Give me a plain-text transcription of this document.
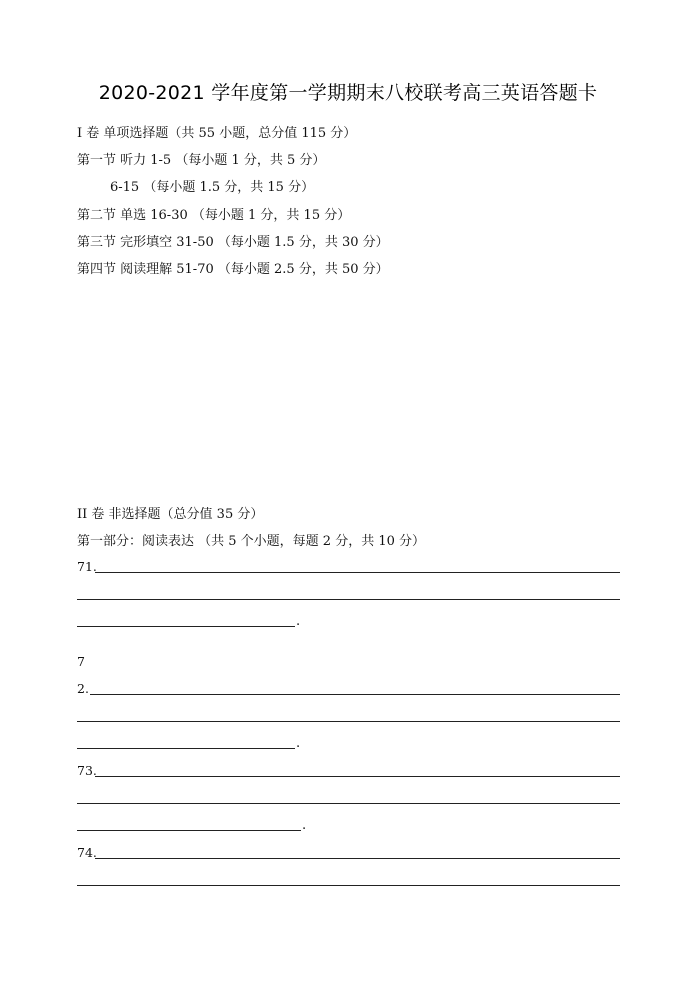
2020-2021 学年度第一学期期末八校联考高三英语答题卡
I 卷 单项选择题（共 55 小题，总分值 115 分）
第一节 听力 1-5 （每小题 1 分，共 5 分）
6-15 （每小题 1.5 分，共 15 分）
第二节 单选 16-30 （每小题 1 分，共 15 分）
第三节 完形填空 31-50 （每小题 1.5 分，共 30 分）
第四节 阅读理解 51-70 （每小题 2.5 分，共 50 分）
II 卷 非选择题（总分值 35 分）
第一部分：阅读表达 （共 5 个小题，每题 2 分，共 10 分）
71.
.
7
2.
.
73.
.
74.
